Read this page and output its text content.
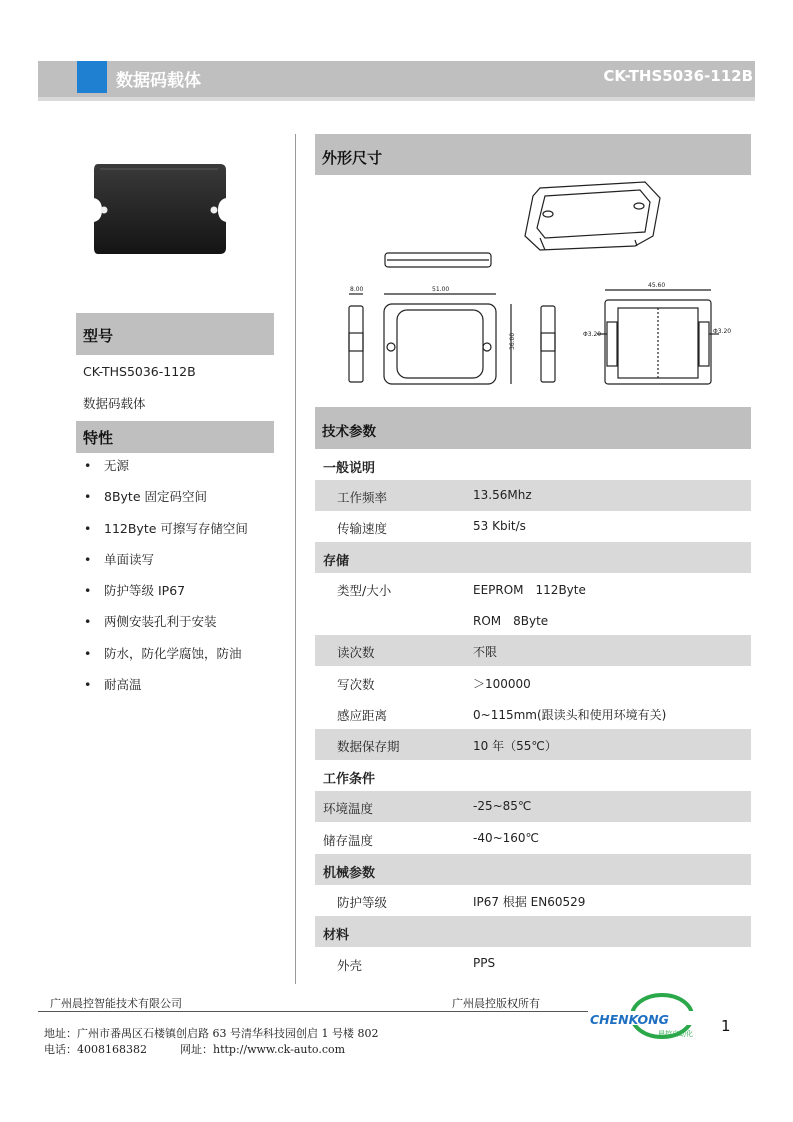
数据码载体	CK-THS5036-112B
型号
CK-THS5036-112B
数据码载体
特性
• 无源
• 8Byte 固定码空间
• 112Byte 可擦写存储空间
• 单面读写
• 防护等级 IP67
• 两侧安装孔利于安装
• 防水，防化学腐蚀，防油
• 耐高温
外形尺寸
8.00	51.00
36.00
45.60
Φ3.20	Φ3.20
技术参数
一般说明
工作频率	13.56Mhz
传输速度	53 Kbit/s
存储
类型/大小	EEPROM　112Byte
ROM　8Byte
读次数	不限
写次数	＞100000
感应距离	0~115mm(跟读头和使用环境有关)
数据保存期	10 年（55℃）
工作条件
环境温度	-25~85℃
储存温度	-40~160℃
机械参数
防护等级	IP67 根据 EN60529
材料
外壳	PPS
广州晨控智能技术有限公司	广州晨控版权所有
地址：广州市番禺区石楼镇创启路 63 号清华科技园创启 1 号楼 802
电话：4008168382　　　网址：http://www.ck-auto.com
CHENKONG
晨控自动化 1
